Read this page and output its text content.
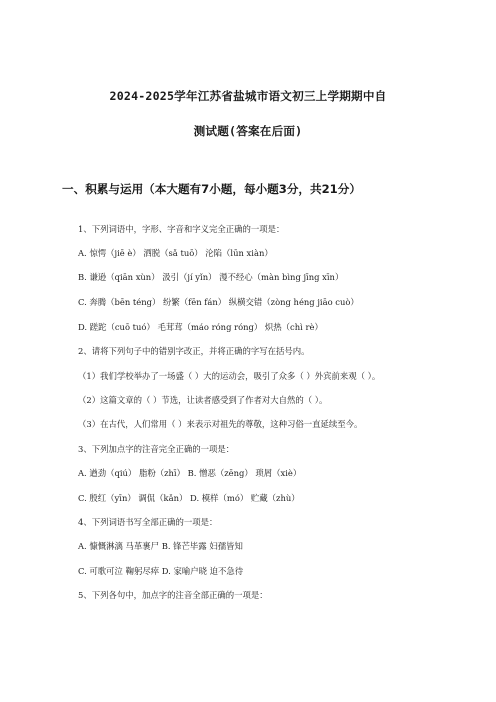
2024-2025学年江苏省盐城市语文初三上学期期中自
测试题(答案在后面)
一、积累与运用（本大题有7小题，每小题3分，共21分）
1、下列词语中，字形、字音和字义完全正确的一项是：
A. 惊愕（jiē è） 洒脱（sǎ tuō） 沦陷（lūn xiàn）
B. 谦逊（qiān xùn） 汲引（jí yǐn） 漫不经心（màn bìng jīng xīn）
C. 奔腾（bēn téng） 纷繁（fēn fán） 纵横交错（zòng héng jiāo cuò）
D. 蹉跎（cuō tuó） 毛茸茸（máo róng róng） 炽热（chì rè）
2、请将下列句子中的错别字改正，并将正确的字写在括号内。
（1）我们学校举办了一场盛（ ）大的运动会，吸引了众多（ ）外宾前来观（ ）。
（2）这篇文章的（ ）节选，让读者感受到了作者对大自然的（ ）。
（3）在古代，人们常用（ ）来表示对祖先的尊敬，这种习俗一直延续至今。
3、下列加点字的注音完全正确的一项是：
A. 遒劲（qiú） 脂粉（zhī） B. 憎恶（zēng） 琐屑（xiè）
C. 殷红（yīn） 调侃（kǎn） D. 模样（mó） 贮藏（zhù）
4、下列词语书写全部正确的一项是：
A. 慷慨淋漓 马革裹尸 B. 锋芒毕露 妇孺皆知
C. 可歌可泣 鞠躬尽瘁 D. 家喻户晓 迫不急待
5、下列各句中，加点字的注音全部正确的一项是：
